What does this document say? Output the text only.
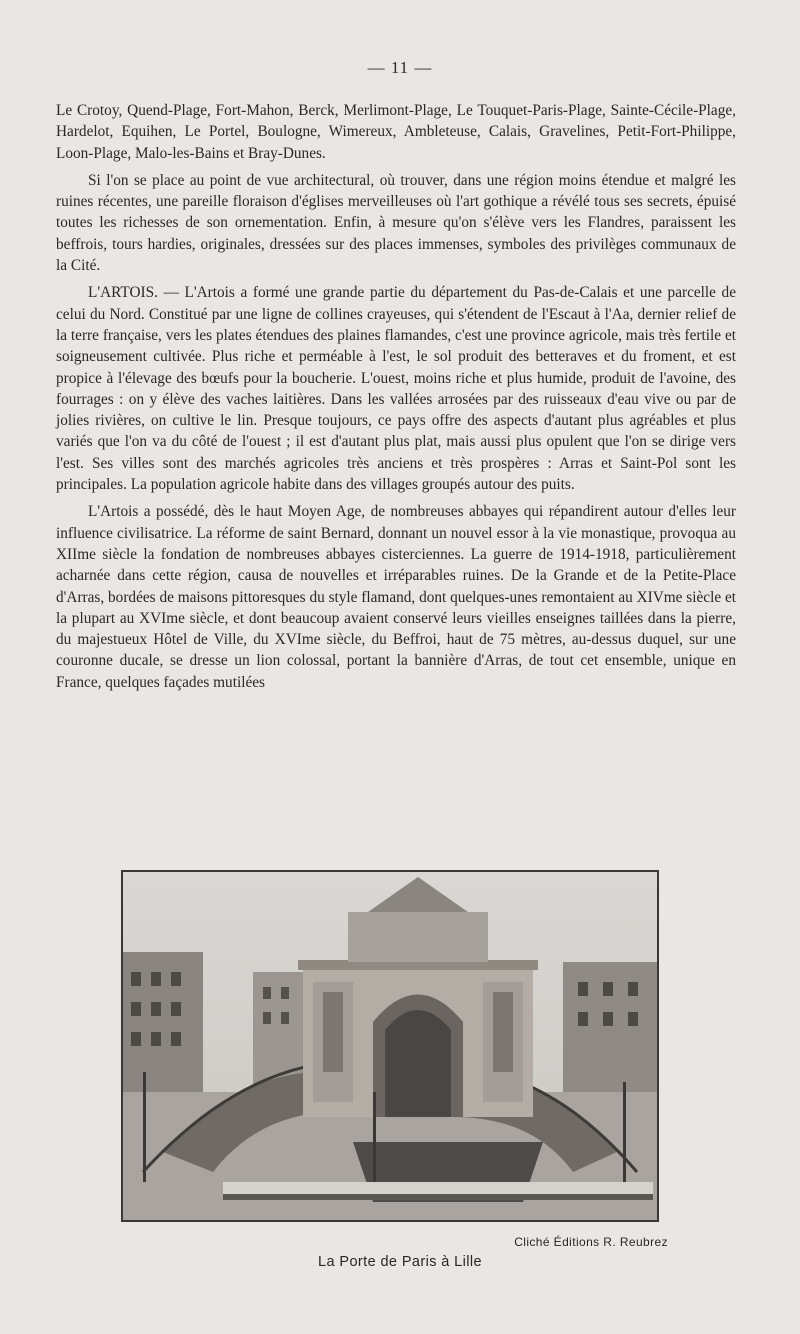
— 11 —

Le Crotoy, Quend-Plage, Fort-Mahon, Berck, Merlimont-Plage, Le Touquet-Paris-Plage, Sainte-Cécile-Plage, Hardelot, Equihen, Le Portel, Boulogne, Wimereux, Ambleteuse, Calais, Gravelines, Petit-Fort-Philippe, Loon-Plage, Malo-les-Bains et Bray-Dunes.

Si l'on se place au point de vue architectural, où trouver, dans une région moins étendue et malgré les ruines récentes, une pareille floraison d'églises merveilleuses où l'art gothique a révélé tous ses secrets, épuisé toutes les richesses de son ornementation. Enfin, à mesure qu'on s'élève vers les Flandres, paraissent les beffrois, tours hardies, originales, dressées sur des places immenses, symboles des privilèges communaux de la Cité.

L'ARTOIS. — L'Artois a formé une grande partie du département du Pas-de-Calais et une parcelle de celui du Nord. Constitué par une ligne de collines crayeuses, qui s'étendent de l'Escaut à l'Aa, dernier relief de la terre française, vers les plates étendues des plaines flamandes, c'est une province agricole, mais très fertile et soigneusement cultivée. Plus riche et perméable à l'est, le sol produit des betteraves et du froment, et est propice à l'élevage des bœufs pour la boucherie. L'ouest, moins riche et plus humide, produit de l'avoine, des fourrages : on y élève des vaches laitières. Dans les vallées arrosées par des ruisseaux d'eau vive ou par de jolies rivières, on cultive le lin. Presque toujours, ce pays offre des aspects d'autant plus agréables et plus variés que l'on va du côté de l'ouest ; il est d'autant plus plat, mais aussi plus opulent que l'on se dirige vers l'est. Ses villes sont des marchés agricoles très anciens et très prospères : Arras et Saint-Pol sont les principales. La population agricole habite dans des villages groupés autour des puits.

L'Artois a possédé, dès le haut Moyen Age, de nombreuses abbayes qui répandirent autour d'elles leur influence civilisatrice. La réforme de saint Bernard, donnant un nouvel essor à la vie monastique, provoqua au XIIme siècle la fondation de nombreuses abbayes cisterciennes. La guerre de 1914-1918, particulièrement acharnée dans cette région, causa de nouvelles et irréparables ruines. De la Grande et de la Petite-Place d'Arras, bordées de maisons pittoresques du style flamand, dont quelques-unes remontaient au XIVme siècle et la plupart au XVIme siècle, et dont beaucoup avaient conservé leurs vieilles enseignes taillées dans la pierre, du majestueux Hôtel de Ville, du XVIme siècle, du Beffroi, haut de 75 mètres, au-dessus duquel, sur une couronne ducale, se dresse un lion colossal, portant la bannière d'Arras, de tout cet ensemble, unique en France, quelques façades mutilées

Cliché Éditions R. Reubrez
La Porte de Paris à Lille
